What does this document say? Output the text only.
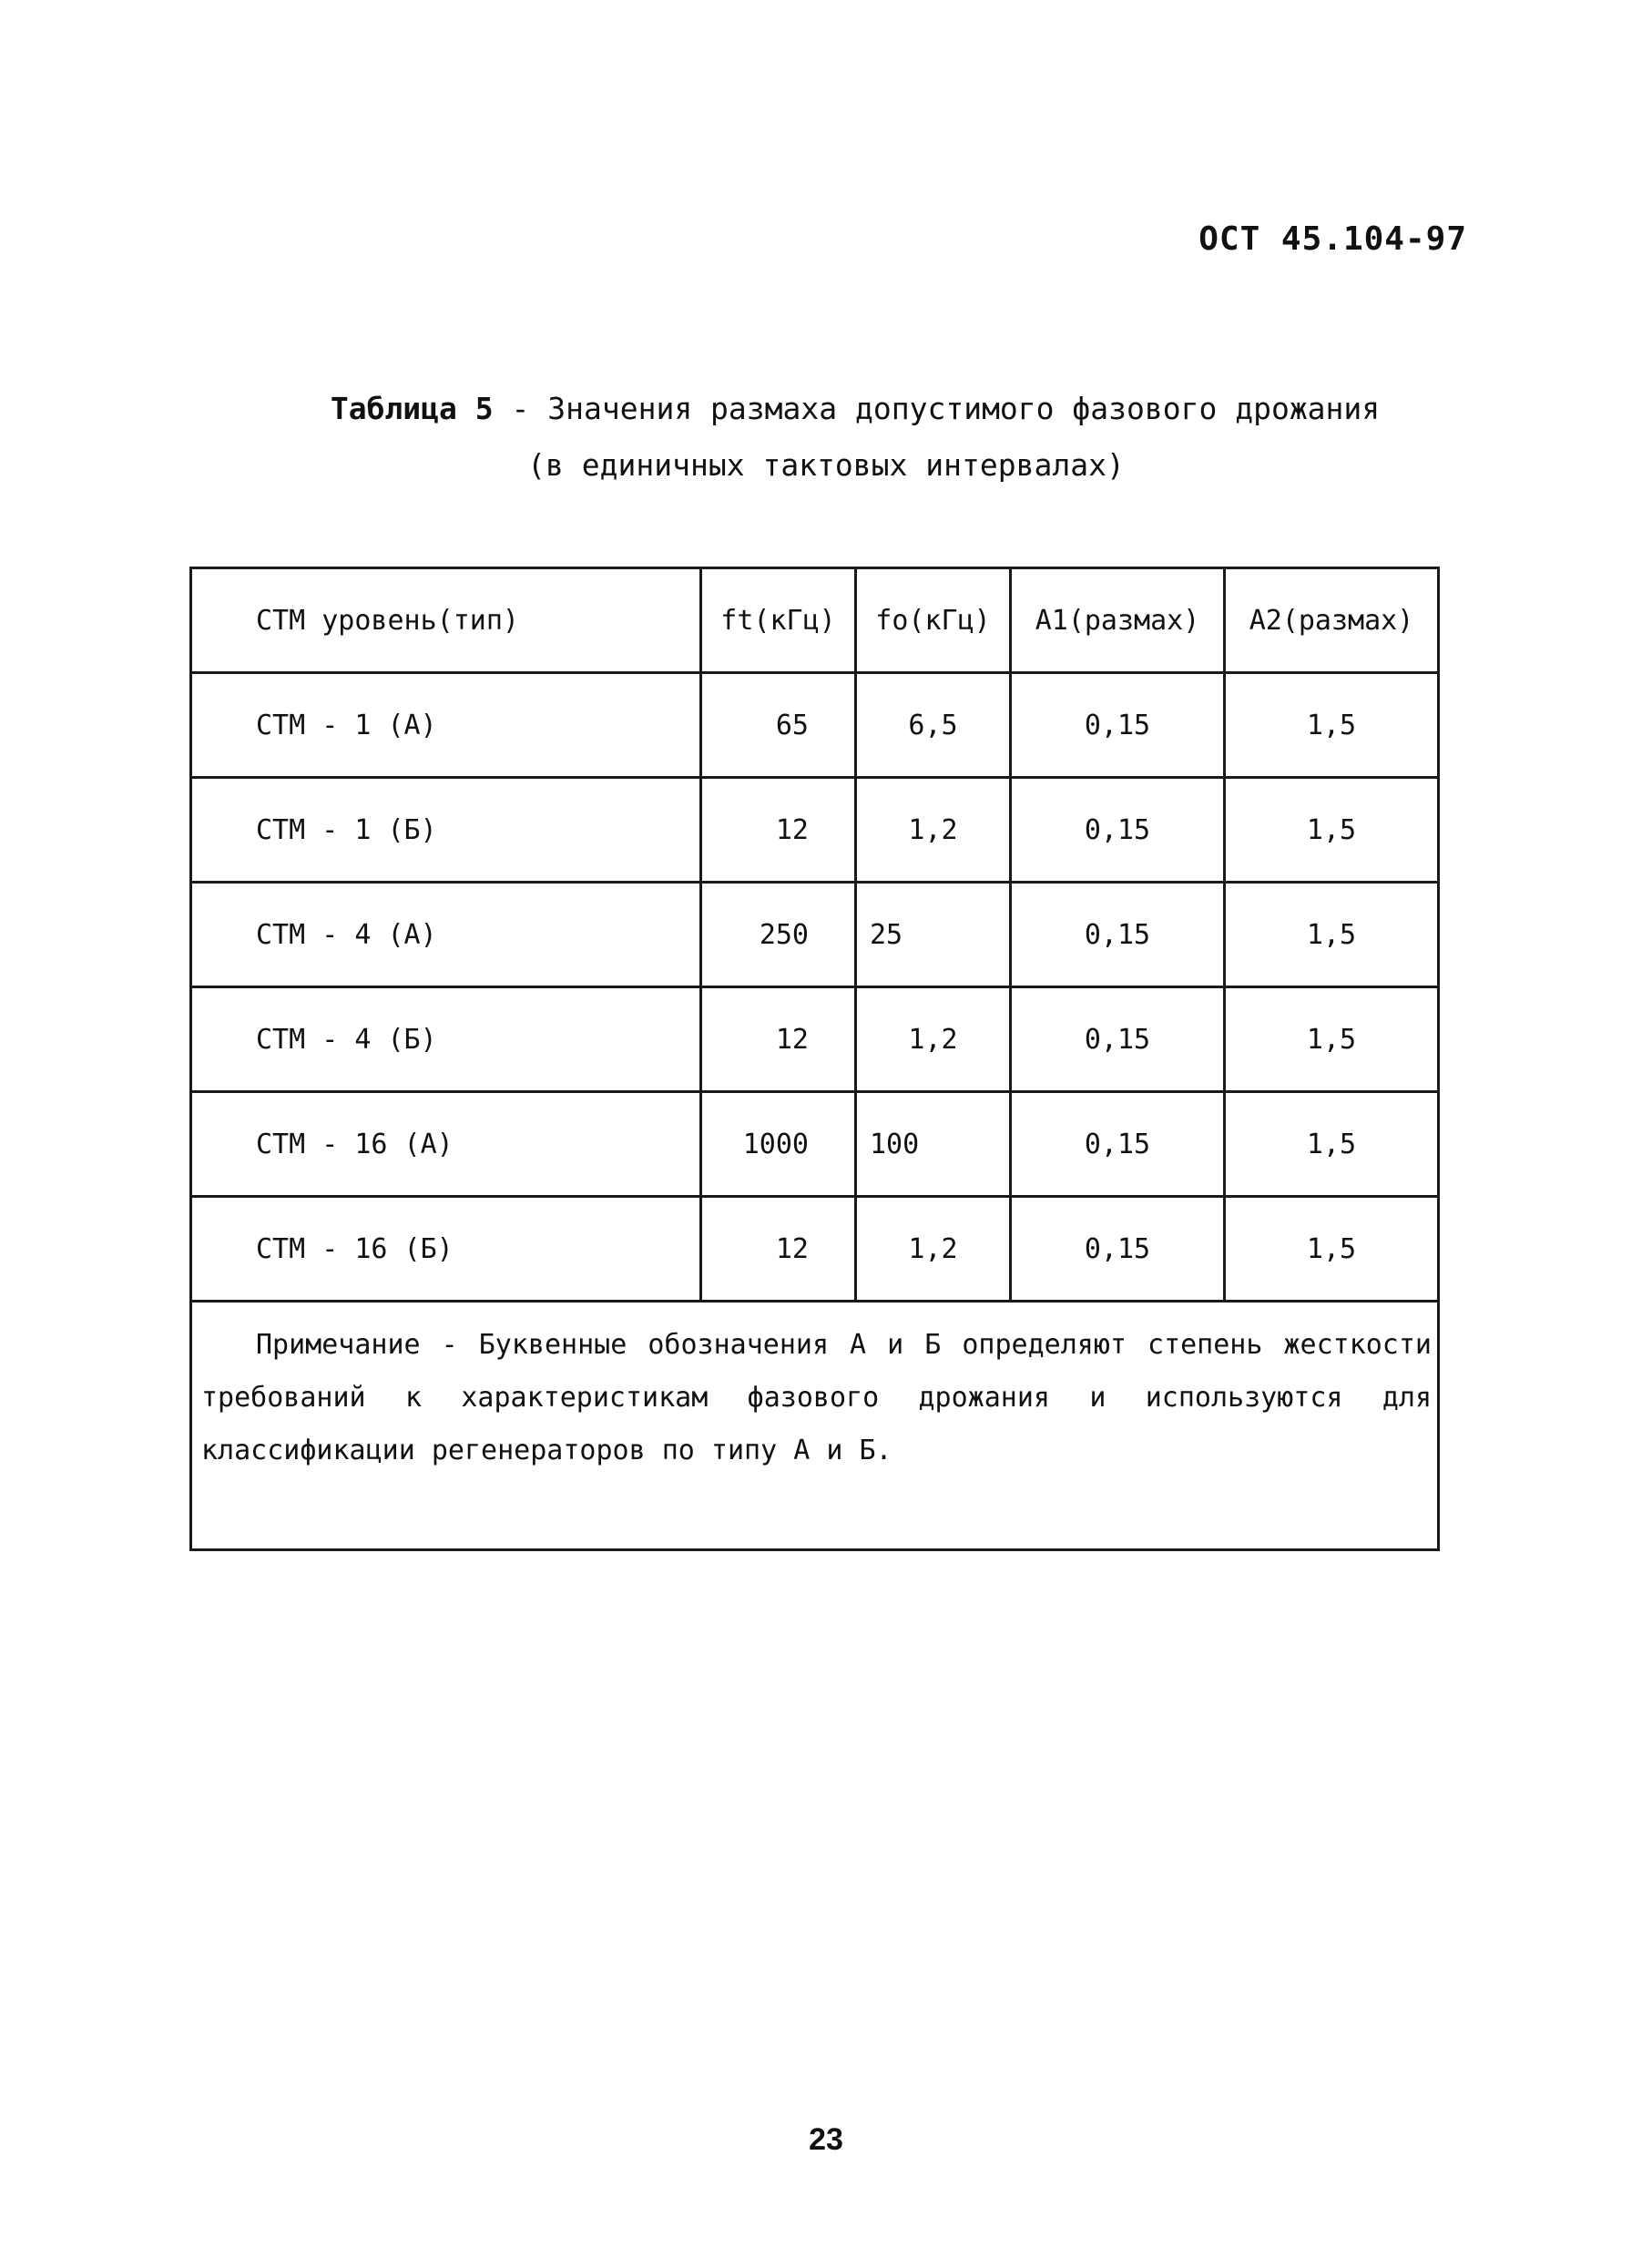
ОСТ 45.104-97
Таблица 5 - Значения размаха допустимого фазового дрожания
(в единичных тактовых интервалах)
СТМ уровень(тип)	ft(кГц)	fo(кГц)	A1(размах)	A2(размах)
СТМ - 1 (А)	65	6,5	0,15	1,5
СТМ - 1 (Б)	12	1,2	0,15	1,5
СТМ - 4 (А)	250	25	0,15	1,5
СТМ - 4 (Б)	12	1,2	0,15	1,5
СТМ - 16 (А)	1000	100	0,15	1,5
СТМ - 16 (Б)	12	1,2	0,15	1,5

Примечание - Буквенные обозначения А и Б определяют степень жесткости требований к характеристикам фазового дрожания и используются для классификации регенераторов по типу А и Б.				
23
